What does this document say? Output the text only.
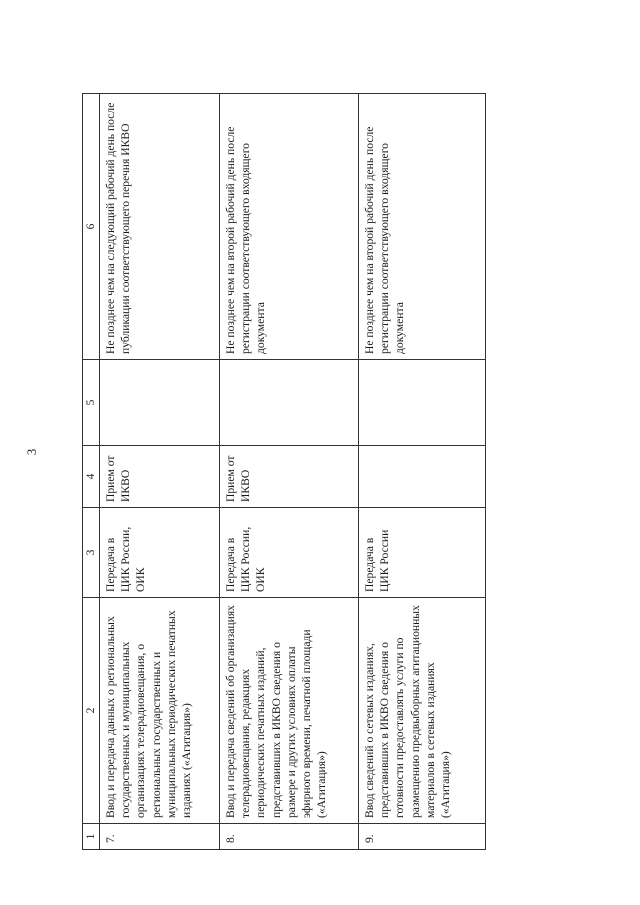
3
1	2	3	4	5	6
7.	Ввод и передача данных о региональных государственных и муниципальных организациях телерадиовещания, о региональных государственных и муниципальных периодических печатных изданиях («Агитация»)	Передача в ЦИК России, ОИК	Прием от ИКВО		Не позднее чем на следующий рабочий день после публикации соответствующего перечня ИКВО
8.	Ввод и передача сведений об организациях телерадиовещания, редакциях периодических печатных изданий, представивших в ИКВО сведения о размере и других условиях оплаты эфирного времени, печатной площади («Агитация»)	Передача в ЦИК России, ОИК	Прием от ИКВО		Не позднее чем на второй рабочий день после регистрации соответствующего входящего документа
9.	Ввод сведений о сетевых изданиях, представивших в ИКВО сведения о готовности предоставлять услуги по размещению предвыборных агитационных материалов в сетевых изданиях («Агитация»)	Передача в ЦИК России			Не позднее чем на второй рабочий день после регистрации соответствующего входящего документа
